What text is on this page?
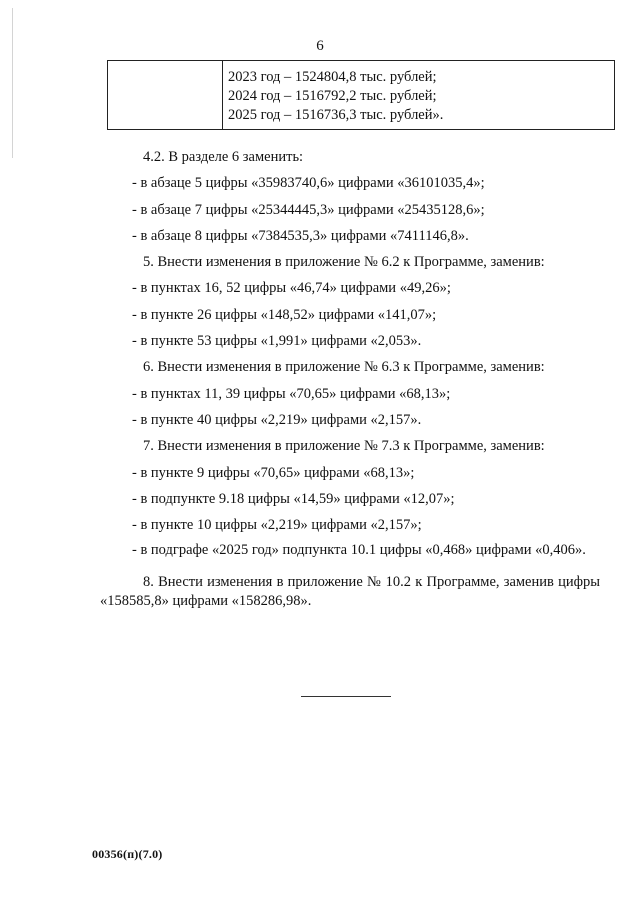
6
2023 год – 1524804,8 тыс. рублей;
2024 год – 1516792,2 тыс. рублей;
2025 год – 1516736,3 тыс. рублей».
4.2. В разделе 6 заменить:
- в абзаце 5 цифры «35983740,6» цифрами «36101035,4»;
- в абзаце 7 цифры «25344445,3» цифрами «25435128,6»;
- в абзаце 8 цифры «7384535,3» цифрами «7411146,8».
5. Внести изменения в приложение № 6.2 к Программе, заменив:
- в пунктах 16, 52 цифры «46,74» цифрами «49,26»;
- в пункте 26 цифры «148,52» цифрами «141,07»;
- в пункте 53 цифры «1,991» цифрами «2,053».
6. Внести изменения в приложение № 6.3 к Программе, заменив:
- в пунктах 11, 39 цифры «70,65» цифрами «68,13»;
- в пункте 40 цифры «2,219» цифрами «2,157».
7. Внести изменения в приложение № 7.3 к Программе, заменив:
- в пункте 9 цифры «70,65» цифрами «68,13»;
- в подпункте 9.18 цифры «14,59» цифрами «12,07»;
- в пункте 10 цифры «2,219» цифрами «2,157»;
- в подграфе «2025 год» подпункта 10.1 цифры «0,468» цифрами «0,406».
8. Внести изменения в приложение № 10.2 к Программе, заменив цифры «158585,8» цифрами «158286,98».
00356(п)(7.0)
